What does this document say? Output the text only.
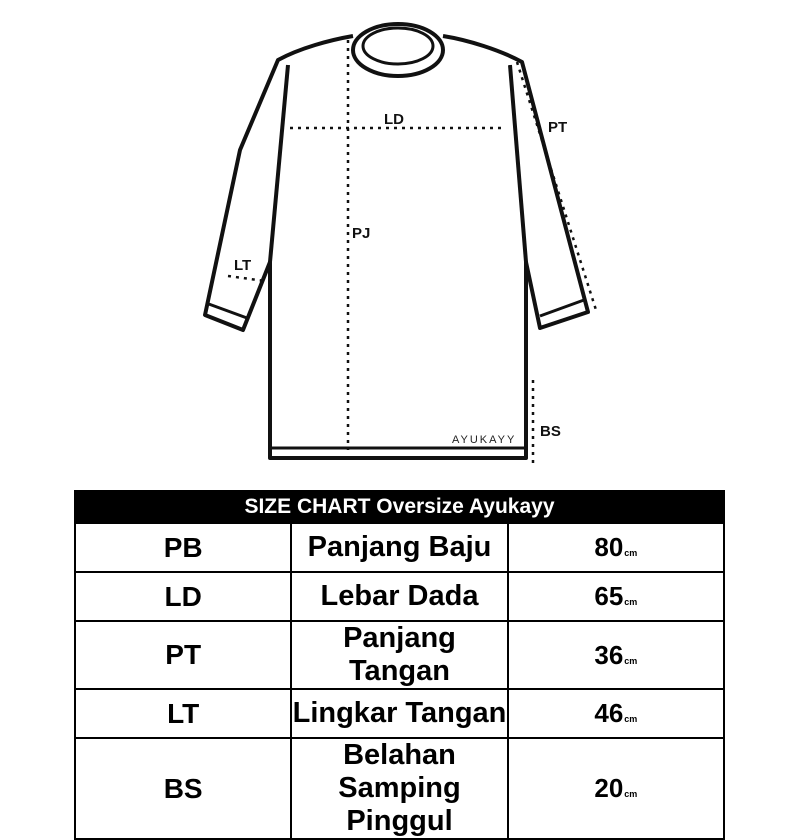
LD	PT
PJ
LT
BS
AYUKAYY
SIZE CHART Oversize Ayukayy		
PB	Panjang Baju	80cm
LD	Lebar Dada	65cm
PT	Panjang Tangan	36cm
LT	Lingkar Tangan	46cm
BS	Belahan Samping Pinggul	20cm
